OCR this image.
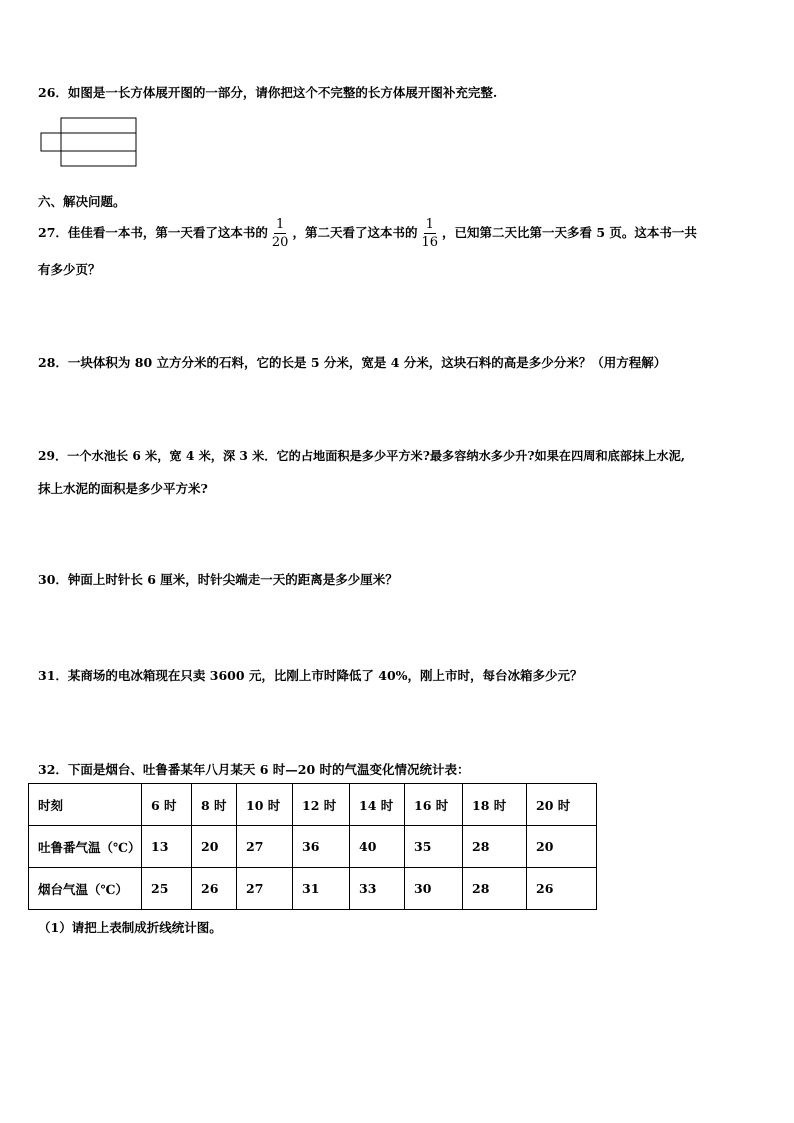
26．如图是一长方体展开图的一部分，请你把这个不完整的长方体展开图补充完整.
六、解决问题。
27．佳佳看一本书，第一天看了这本书的 $\frac{1}{20}$ ，第二天看了这本书的 $\frac{1}{16}$ ，已知第二天比第一天多看 5 页。这本书一共
有多少页？
28．一块体积为 80 立方分米的石料，它的长是 5 分米，宽是 4 分米，这块石料的高是多少分米？（用方程解）
29．一个水池长 6 米，宽 4 米，深 3 米．它的占地面积是多少平方米?最多容纳水多少升?如果在四周和底部抹上水泥,
抹上水泥的面积是多少平方米?
30．钟面上时针长 6 厘米，时针尖端走一天的距离是多少厘米？
31．某商场的电冰箱现在只卖 3600 元，比刚上市时降低了 40%，刚上市时，每台冰箱多少元？
32．下面是烟台、吐鲁番某年八月某天 6 时—20 时的气温变化情况统计表：
时刻	6 时	8 时	10 时	12 时	14 时	16 时	18 时	20 时
吐鲁番气温（℃）	13	20	27	36	40	35	28	20
烟台气温（℃）	25	26	27	31	33	30	28	26
（1）请把上表制成折线统计图。
